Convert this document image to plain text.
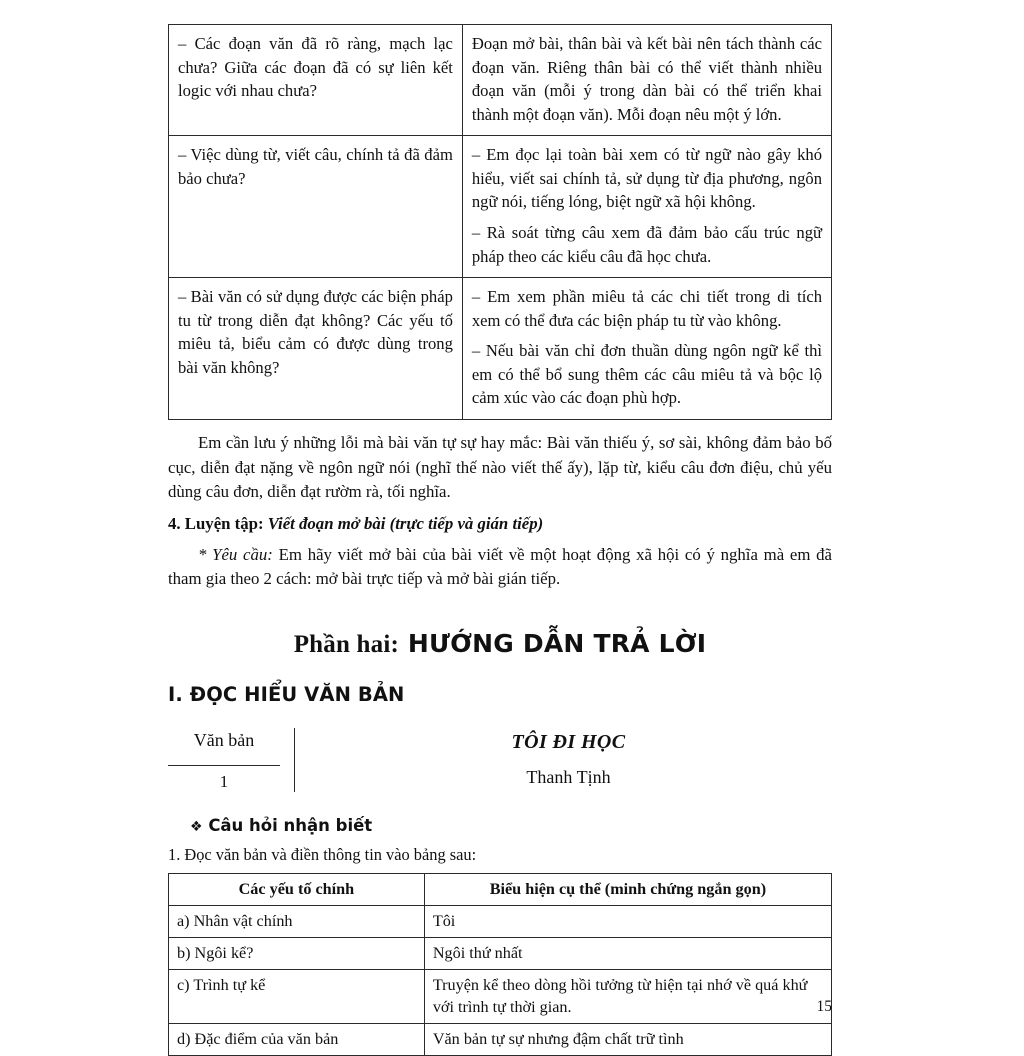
– Các đoạn văn đã rõ ràng, mạch lạc chưa? Giữa các đoạn đã có sự liên kết logic với nhau chưa?	Đoạn mở bài, thân bài và kết bài nên tách thành các đoạn văn. Riêng thân bài có thể viết thành nhiều đoạn văn (mỗi ý trong dàn bài có thể triển khai thành một đoạn văn). Mỗi đoạn nêu một ý lớn.

– Việc dùng từ, viết câu, chính tả đã đảm bảo chưa?	– Em đọc lại toàn bài xem có từ ngữ nào gây khó hiểu, viết sai chính tả, sử dụng từ địa phương, ngôn ngữ nói, tiếng lóng, biệt ngữ xã hội không.
– Rà soát từng câu xem đã đảm bảo cấu trúc ngữ pháp theo các kiểu câu đã học chưa.

– Bài văn có sử dụng được các biện pháp tu từ trong diễn đạt không? Các yếu tố miêu tả, biểu cảm có được dùng trong bài văn không?	– Em xem phần miêu tả các chi tiết trong di tích xem có thể đưa các biện pháp tu từ vào không.
– Nếu bài văn chỉ đơn thuần dùng ngôn ngữ kể thì em có thể bổ sung thêm các câu miêu tả và bộc lộ cảm xúc vào các đoạn phù hợp.
Em cần lưu ý những lỗi mà bài văn tự sự hay mắc: Bài văn thiếu ý, sơ sài, không đảm bảo bố cục, diễn đạt nặng về ngôn ngữ nói (nghĩ thế nào viết thế ấy), lặp từ, kiểu câu đơn điệu, chủ yếu dùng câu đơn, diễn đạt rườm rà, tối nghĩa.
4. Luyện tập: Viết đoạn mở bài (trực tiếp và gián tiếp)
* Yêu cầu: Em hãy viết mở bài của bài viết về một hoạt động xã hội có ý nghĩa mà em đã tham gia theo 2 cách: mở bài trực tiếp và mở bài gián tiếp.
Phần hai: HƯỚNG DẪN TRẢ LỜI
I. ĐỌC HIỂU VĂN BẢN
Văn bản
1
TÔI ĐI HỌC
Thanh Tịnh
❖ Câu hỏi nhận biết
1. Đọc văn bản và điền thông tin vào bảng sau:
Các yếu tố chính	Biểu hiện cụ thể (minh chứng ngắn gọn)
a) Nhân vật chính	Tôi
b) Ngôi kể?	Ngôi thứ nhất
c) Trình tự kể	Truyện kể theo dòng hồi tưởng từ hiện tại nhớ về quá khứ với trình tự thời gian.
d) Đặc điểm của văn bản	Văn bản tự sự nhưng đậm chất trữ tình
15
